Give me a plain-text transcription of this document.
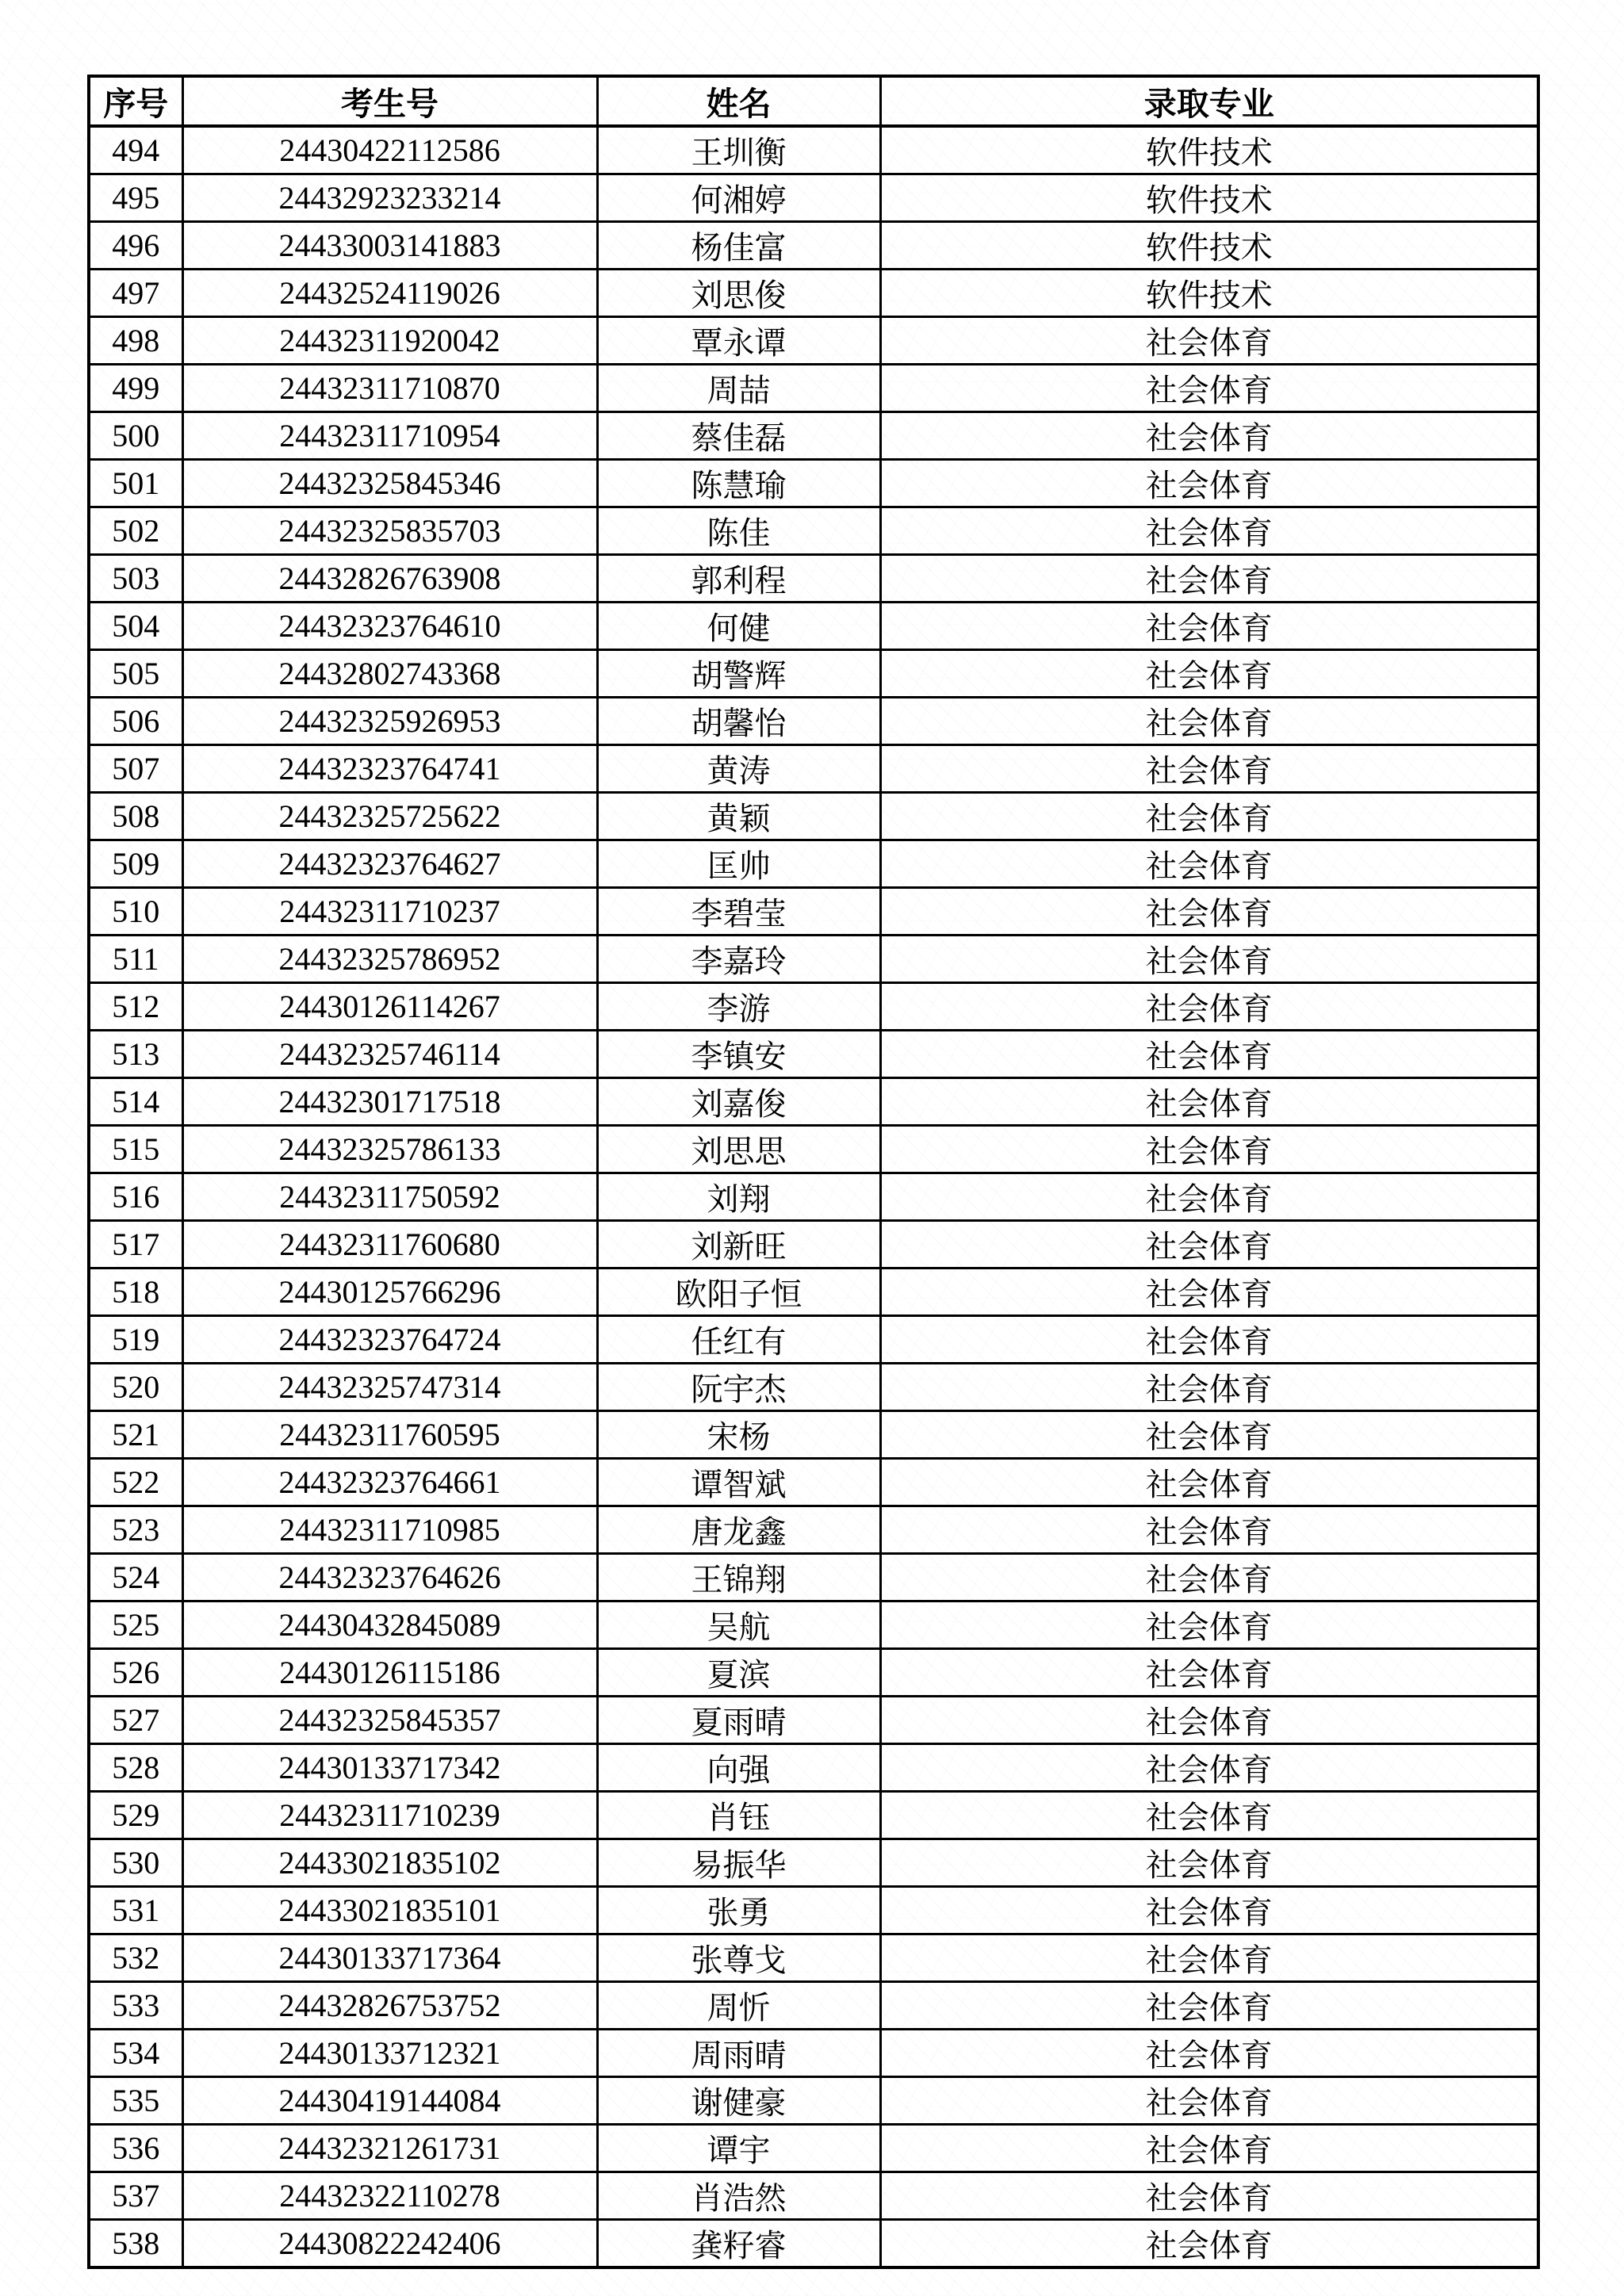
序号	考生号	姓名	录取专业
494	24430422112586	王圳衡	软件技术
495	24432923233214	何湘婷	软件技术
496	24433003141883	杨佳富	软件技术
497	24432524119026	刘思俊	软件技术
498	24432311920042	覃永谭	社会体育
499	24432311710870	周喆	社会体育
500	24432311710954	蔡佳磊	社会体育
501	24432325845346	陈慧瑜	社会体育
502	24432325835703	陈佳	社会体育
503	24432826763908	郭利程	社会体育
504	24432323764610	何健	社会体育
505	24432802743368	胡警辉	社会体育
506	24432325926953	胡馨怡	社会体育
507	24432323764741	黄涛	社会体育
508	24432325725622	黄颖	社会体育
509	24432323764627	匡帅	社会体育
510	24432311710237	李碧莹	社会体育
511	24432325786952	李嘉玲	社会体育
512	24430126114267	李游	社会体育
513	24432325746114	李镇安	社会体育
514	24432301717518	刘嘉俊	社会体育
515	24432325786133	刘思思	社会体育
516	24432311750592	刘翔	社会体育
517	24432311760680	刘新旺	社会体育
518	24430125766296	欧阳子恒	社会体育
519	24432323764724	任红有	社会体育
520	24432325747314	阮宇杰	社会体育
521	24432311760595	宋杨	社会体育
522	24432323764661	谭智斌	社会体育
523	24432311710985	唐龙鑫	社会体育
524	24432323764626	王锦翔	社会体育
525	24430432845089	吴航	社会体育
526	24430126115186	夏滨	社会体育
527	24432325845357	夏雨晴	社会体育
528	24430133717342	向强	社会体育
529	24432311710239	肖钰	社会体育
530	24433021835102	易振华	社会体育
531	24433021835101	张勇	社会体育
532	24430133717364	张尊戈	社会体育
533	24432826753752	周忻	社会体育
534	24430133712321	周雨晴	社会体育
535	24430419144084	谢健豪	社会体育
536	24432321261731	谭宇	社会体育
537	24432322110278	肖浩然	社会体育
538	24430822242406	龚籽睿	社会体育
